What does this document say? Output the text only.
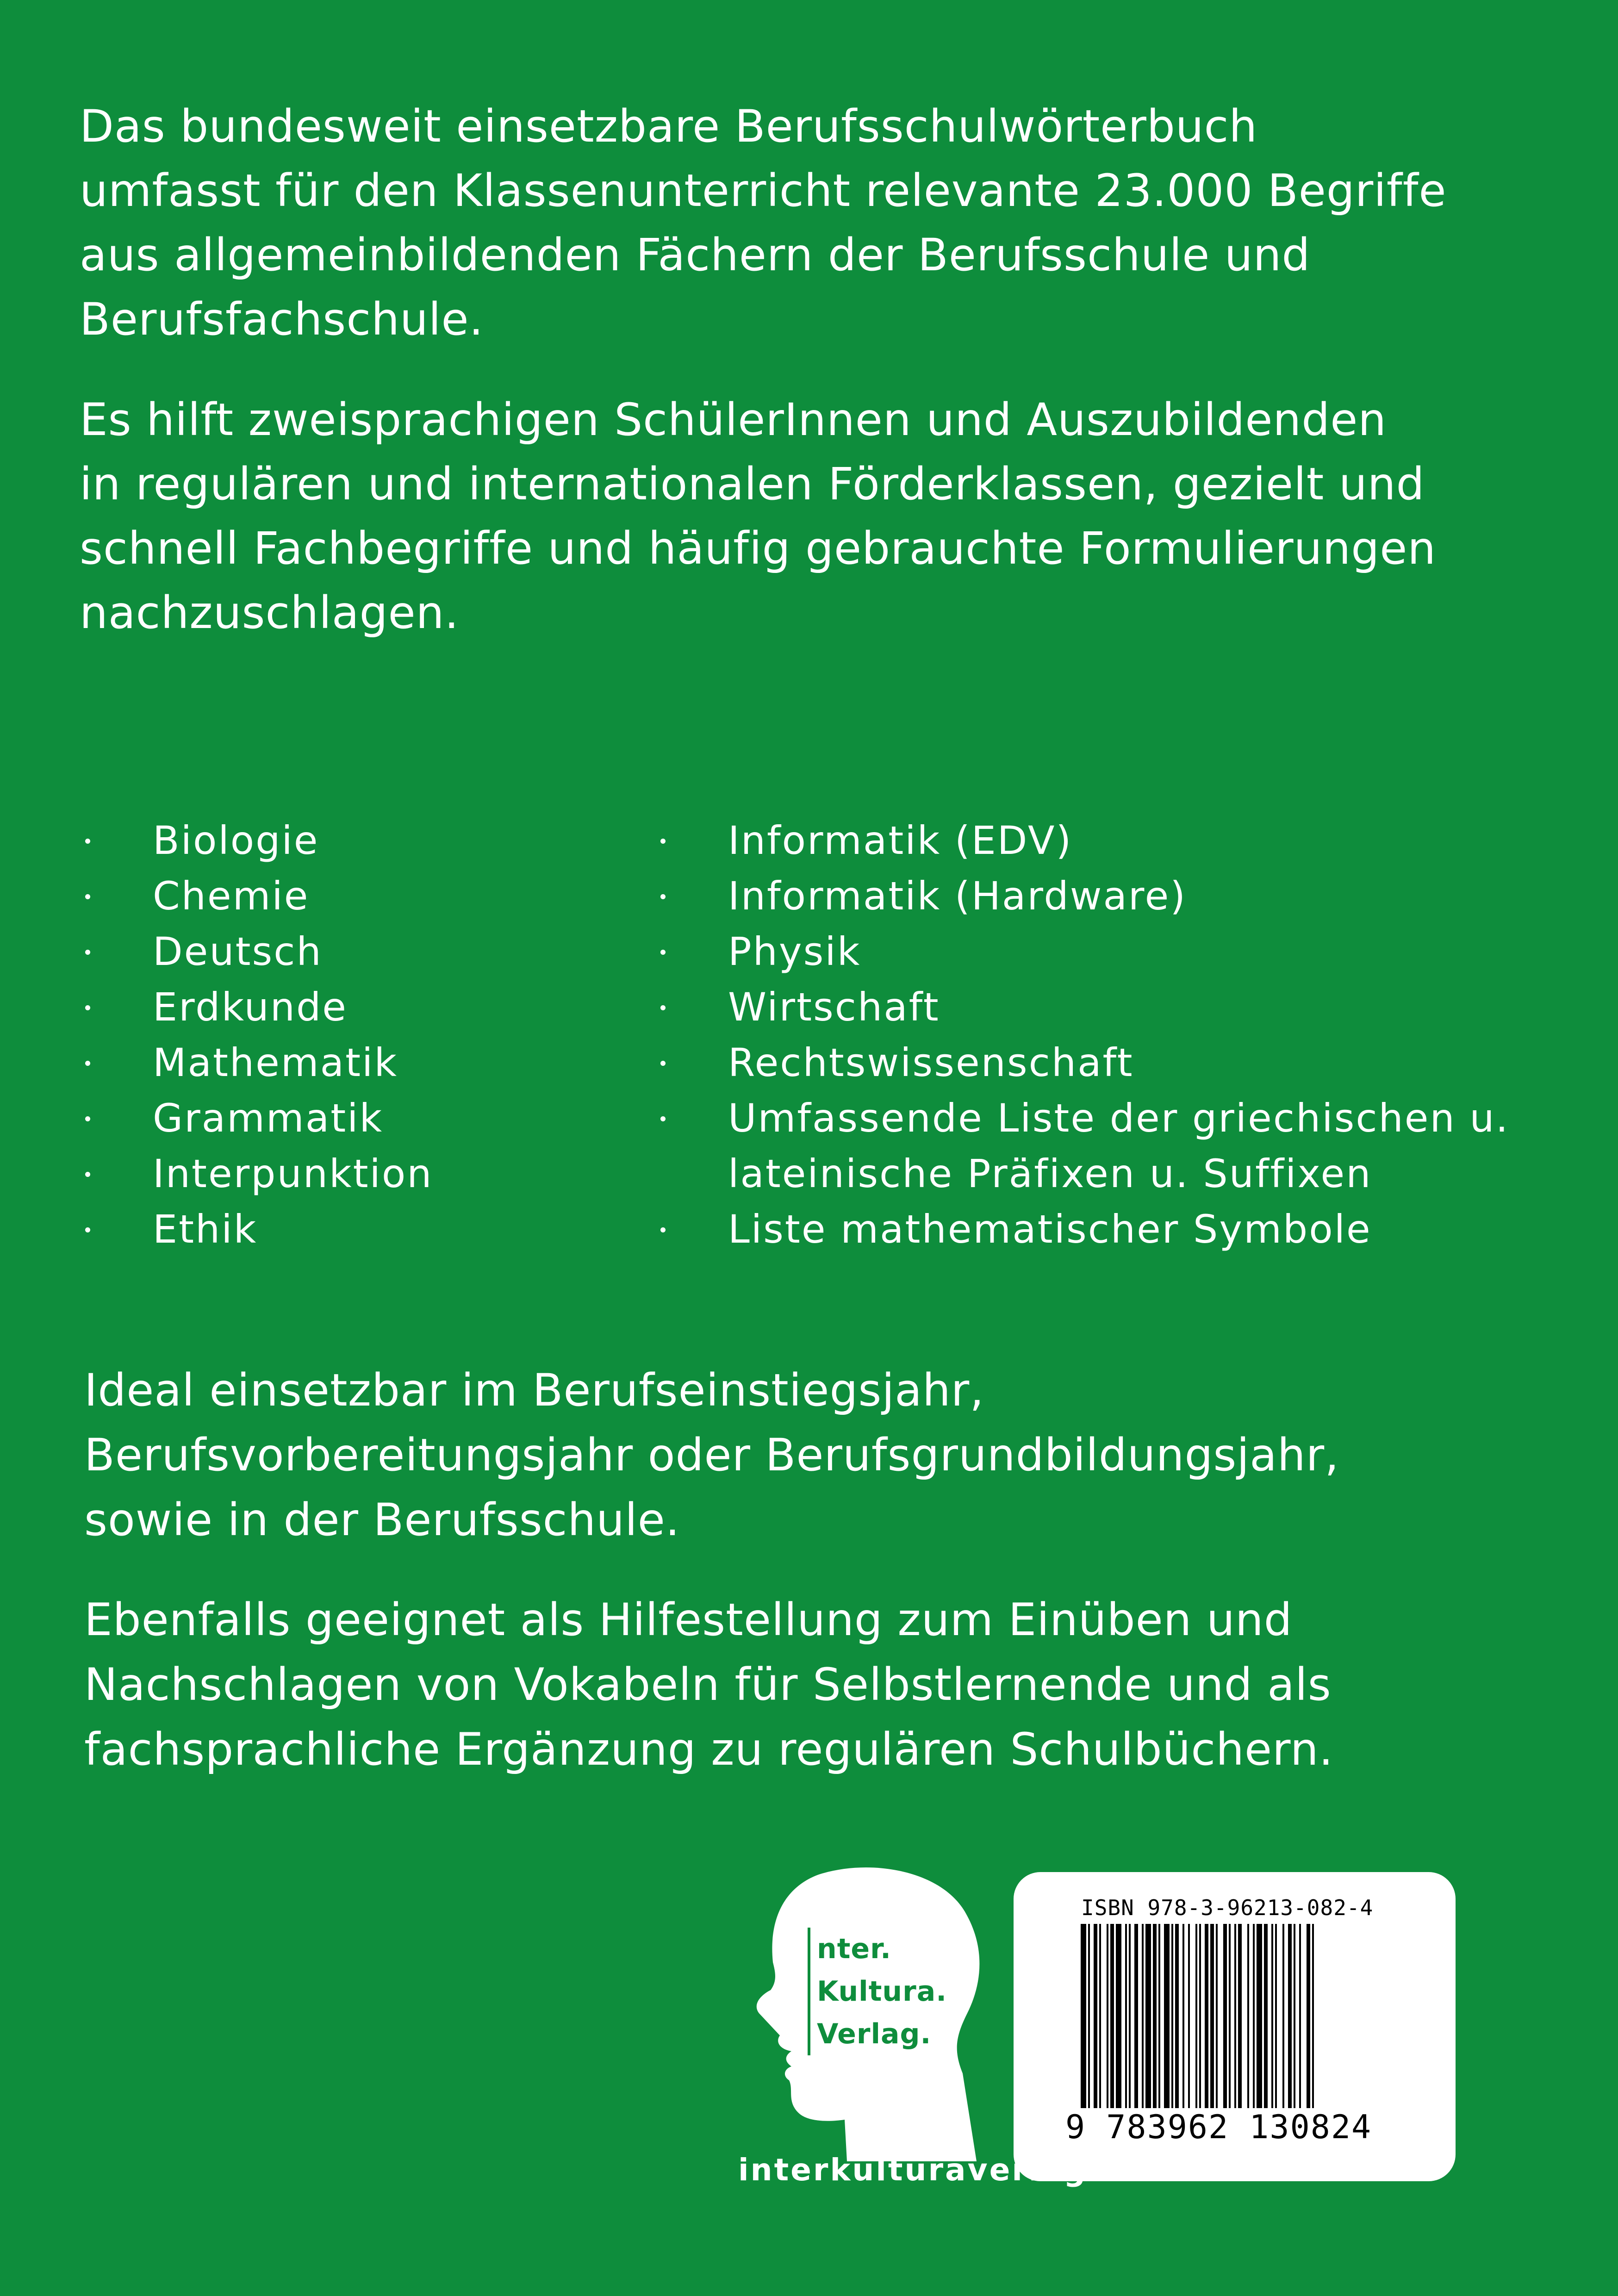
Das bundesweit einsetzbare Berufsschulwörterbuch
umfasst für den Klassenunterricht relevante 23.000 Begriffe
aus allgemeinbildenden Fächern der Berufsschule und
Berufsfachschule.

Es hilft zweisprachigen SchülerInnen und Auszubildenden
in regulären und internationalen Förderklassen, gezielt und
schnell Fachbegriffe und häufig gebrauchte Formulierungen
nachzuschlagen.

Biologie
Chemie
Deutsch
Erdkunde
Mathematik
Grammatik
Interpunktion
Ethik
Informatik (EDV)
Informatik (Hardware)
Physik
Wirtschaft
Rechtswissenschaft
Umfassende Liste der griechischen u.
lateinische Präfixen u. Suffixen
Liste mathematischer Symbole

Ideal einsetzbar im Berufseinstiegsjahr,
Berufsvorbereitungsjahr oder Berufsgrundbildungsjahr,
sowie in der Berufsschule.

Ebenfalls geeignet als Hilfestellung zum Einüben und
Nachschlagen von Vokabeln für Selbstlernende und als
fachsprachliche Ergänzung zu regulären Schulbüchern.

nter.
Kultura.
Verlag.
ISBN 978-3-96213-082-4
9 783962 130824
interkulturaverlag.de
